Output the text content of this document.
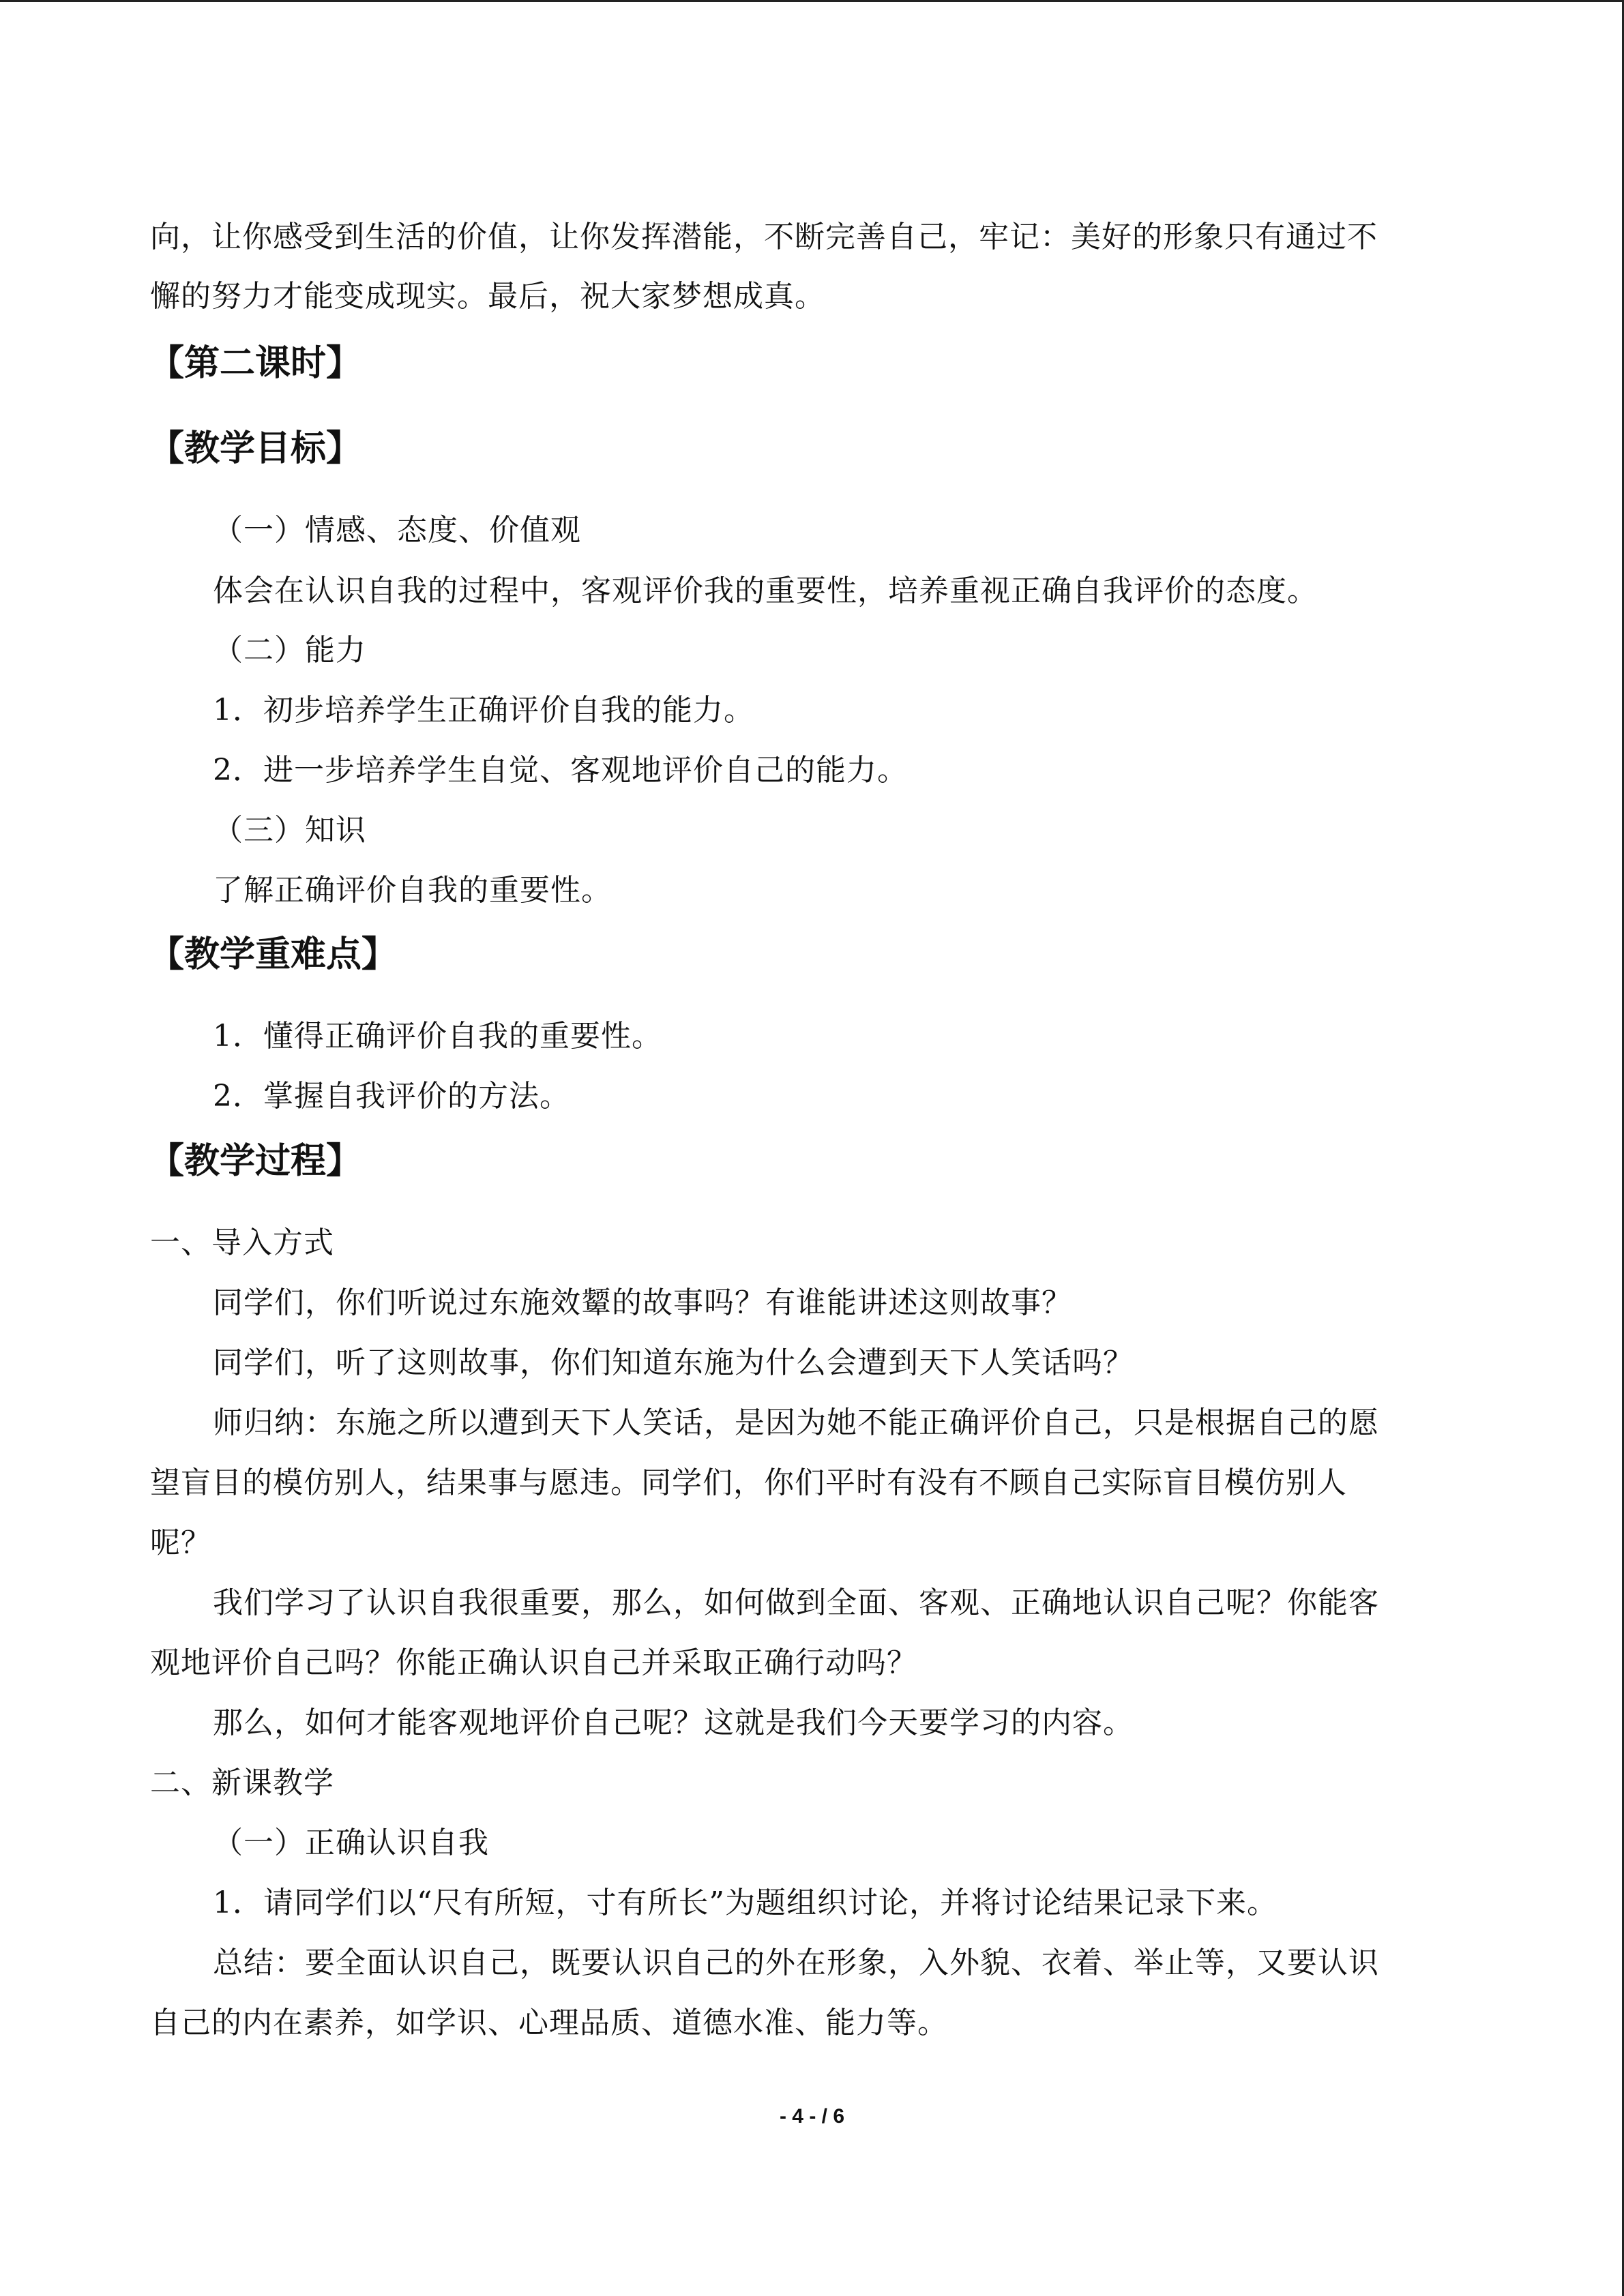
向，让你感受到生活的价值，让你发挥潜能，不断完善自己，牢记：美好的形象只有通过不
懈的努力才能变成现实。最后，祝大家梦想成真。
【第二课时】
【教学目标】
（一）情感、态度、价值观
体会在认识自我的过程中，客观评价我的重要性，培养重视正确自我评价的态度。
（二）能力
1．初步培养学生正确评价自我的能力。
2．进一步培养学生自觉、客观地评价自己的能力。
（三）知识
了解正确评价自我的重要性。
【教学重难点】
1．懂得正确评价自我的重要性。
2．掌握自我评价的方法。
【教学过程】
一、导入方式
同学们，你们听说过东施效颦的故事吗？有谁能讲述这则故事？
同学们，听了这则故事，你们知道东施为什么会遭到天下人笑话吗？
师归纳：东施之所以遭到天下人笑话，是因为她不能正确评价自己，只是根据自己的愿
望盲目的模仿别人，结果事与愿违。同学们，你们平时有没有不顾自己实际盲目模仿别人
呢？
我们学习了认识自我很重要，那么，如何做到全面、客观、正确地认识自己呢？你能客
观地评价自己吗？你能正确认识自己并采取正确行动吗？
那么，如何才能客观地评价自己呢？这就是我们今天要学习的内容。
二、新课教学
（一）正确认识自我
1．请同学们以“尺有所短，寸有所长”为题组织讨论，并将讨论结果记录下来。
总结：要全面认识自己，既要认识自己的外在形象，入外貌、衣着、举止等，又要认识
自己的内在素养，如学识、心理品质、道德水准、能力等。
- 4 - / 6
